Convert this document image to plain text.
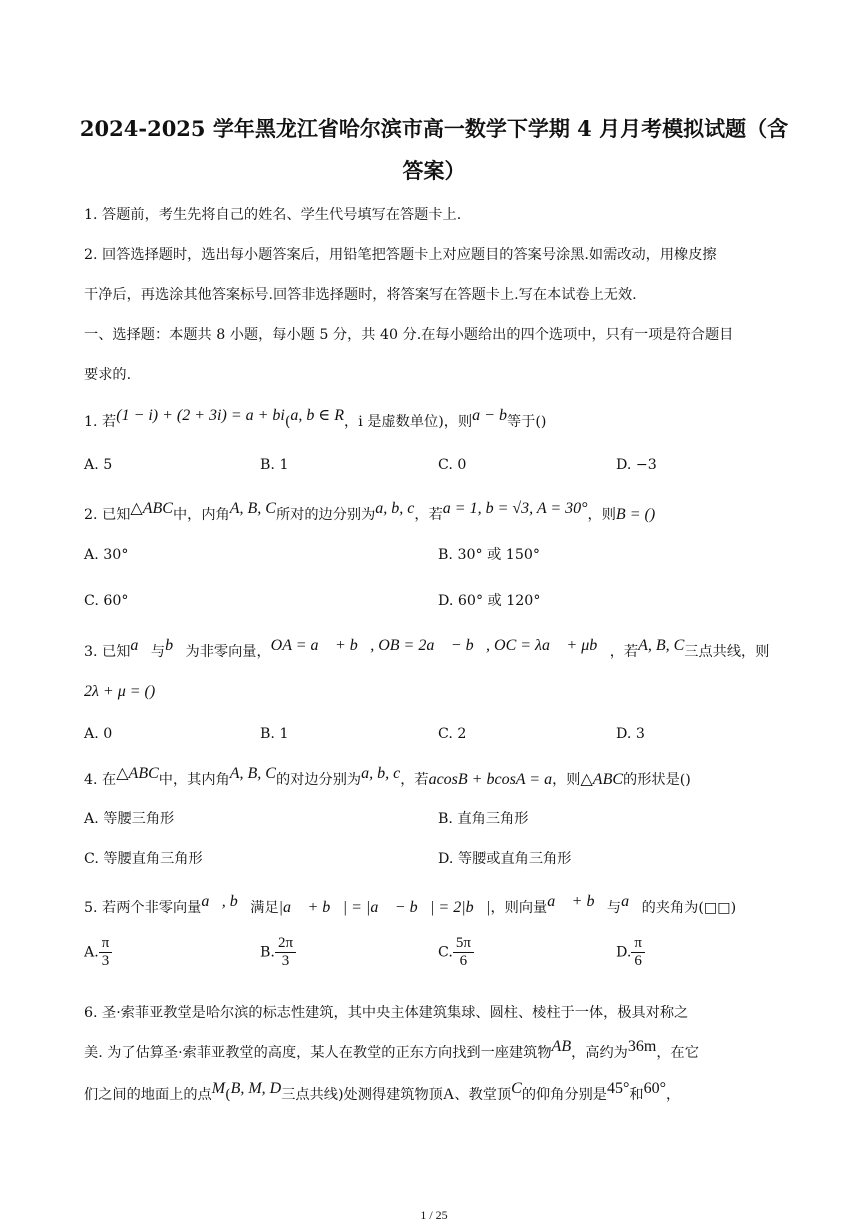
2024-2025 学年黑龙江省哈尔滨市高一数学下学期 4 月月考模拟试题（含
答案）
1. 答题前，考生先将自己的姓名、学生代号填写在答题卡上.
2. 回答选择题时，选出每小题答案后，用铅笔把答题卡上对应题目的答案号涂黑.如需改动，用橡皮擦
干净后，再选涂其他答案标号.回答非选择题时，将答案写在答题卡上.写在本试卷上无效.
一、选择题：本题共 8 小题，每小题 5 分，共 40 分.在每小题给出的四个选项中，只有一项是符合题目
要求的.
1. 若(1 − i) + (2 + 3i) = a + bi(a, b ∈ R，i 是虚数单位)，则a − b等于()
A. 5	B. 1	C. 0	D. −3
2. 已知△ABC中，内角A, B, C所对的边分别为a, b, c，若a = 1, b = √3, A = 30°，则B = ()
A. 30°	B. 30° 或 150°
C. 60°	D. 60° 或 120°
3. 已知a⃗与b⃗为非零向量，OA = a⃗ + b⃗, OB = 2a⃗ − b⃗, OC = λa⃗ + μb⃗，若A, B, C三点共线，则
2λ + μ = ()
A. 0	B. 1	C. 2	D. 3
4. 在△ABC中，其内角A, B, C的对边分别为a, b, c，若acosB + bcosA = a，则△ABC的形状是()
A. 等腰三角形	B. 直角三角形
C. 等腰直角三角形	D. 等腰或直角三角形
5. 若两个非零向量a⃗, b⃗满足|a⃗ + b⃗| = |a⃗ − b⃗| = 2|b⃗|，则向量a⃗ + b⃗与a⃗的夹角为(□□)
A. $\frac{\pi}{3}$	B. $\frac{2\pi}{3}$	C. $\frac{5\pi}{6}$	D. $\frac{\pi}{6}$
6. 圣·索菲亚教堂是哈尔滨的标志性建筑，其中央主体建筑集球、圆柱、棱柱于一体，极具对称之
美. 为了估算圣·索菲亚教堂的高度，某人在教堂的正东方向找到一座建筑物AB，高约为36m，在它
们之间的地面上的点M(B, M, D三点共线)处测得建筑物顶A、教堂顶C的仰角分别是45°和60°，
1 / 25
